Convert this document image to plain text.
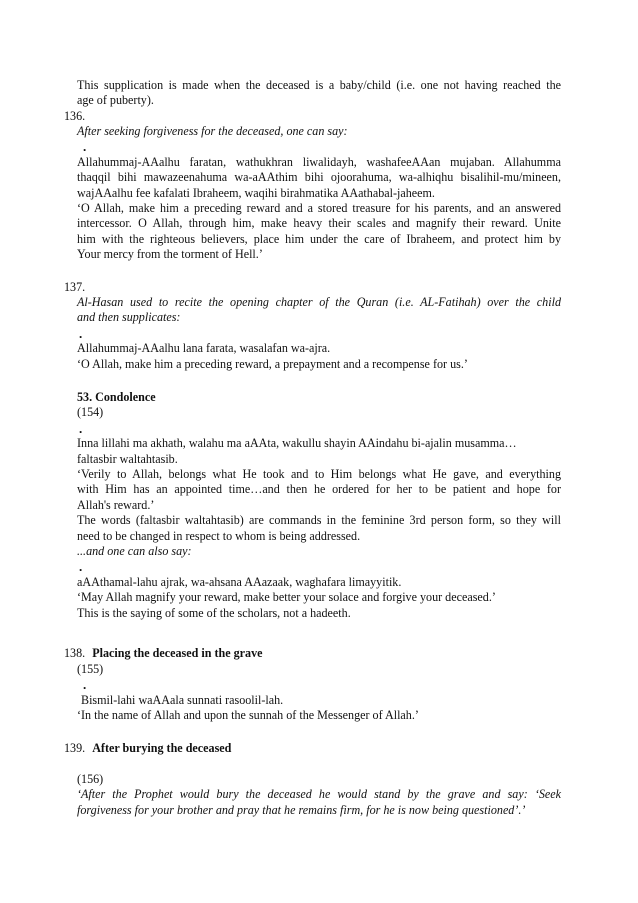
This supplication is made when the deceased is a baby/child (i.e. one not having reached the

age of puberty).

136.

After seeking forgiveness for the deceased, one can say:

.

Allahummaj-AAalhu faratan, wathukhran liwalidayh, washafeeAAan mujaban. Allahumma

thaqqil bihi mawazeenahuma wa-aAAthim bihi ojoorahuma, wa-alhiqhu bisalihil-mu/mineen,

wajAAalhu fee kafalati Ibraheem, waqihi birahmatika AAathabal-jaheem.

‘O Allah, make him a preceding reward and a stored treasure for his parents, and an answered

intercessor. O Allah, through him, make heavy their scales and magnify their reward. Unite

him with the righteous believers, place him under the care of Ibraheem, and protect him by

Your mercy from the torment of Hell.’

137.

Al-Hasan used to recite the opening chapter of the Quran (i.e. AL-Fatihah) over the child

and then supplicates:

.

Allahummaj-AAalhu lana farata, wasalafan wa-ajra.

‘O Allah, make him a preceding reward, a prepayment and a recompense for us.’

53. Condolence

(154)

.

Inna lillahi ma akhath, walahu ma aAAta, wakullu shayin AAindahu bi-ajalin musamma…

faltasbir waltahtasib.

‘Verily to Allah, belongs what He took and to Him belongs what He gave, and everything

with Him has an appointed time…and then he ordered for her to be patient and hope for

Allah's reward.’

The words (faltasbir waltahtasib) are commands in the feminine 3rd person form, so they will

need to be changed in respect to whom is being addressed.

...and one can also say:

.

aAAthamal-lahu ajrak, wa-ahsana AAazaak, waghafara limayyitik.

‘May Allah magnify your reward, make better your solace and forgive your deceased.’

This is the saying of some of the scholars, not a hadeeth.

138. Placing the deceased in the grave

(155)

.

Bismil-lahi waAAala sunnati rasoolil-lah.

‘In the name of Allah and upon the sunnah of the Messenger of Allah.’

139. After burying the deceased

(156)

‘After the Prophet would bury the deceased he would stand by the grave and say: ‘Seek

forgiveness for your brother and pray that he remains firm, for he is now being questioned’.’
